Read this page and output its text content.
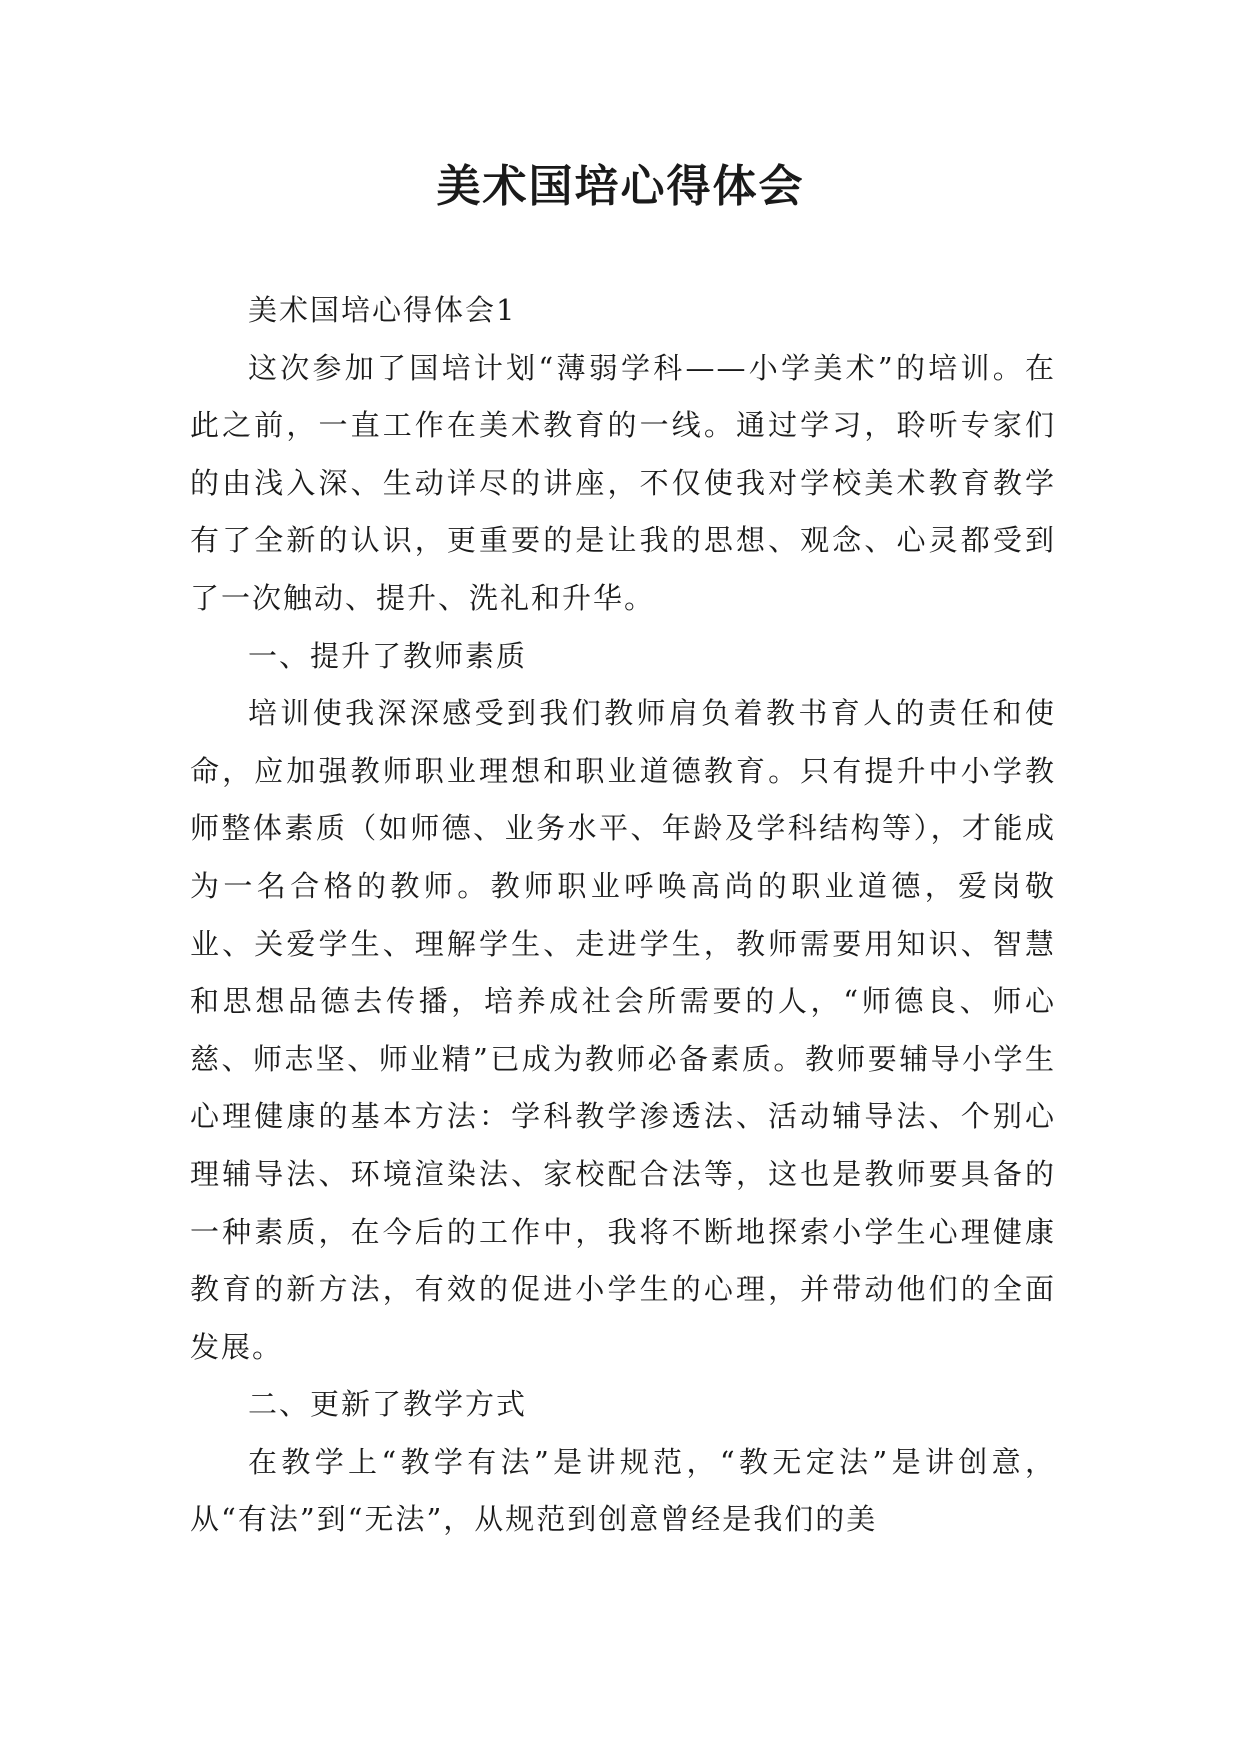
美术国培心得体会

美术国培心得体会1

这次参加了国培计划“薄弱学科——小学美术”的培训。在此之前，一直工作在美术教育的一线。通过学习，聆听专家们的由浅入深、生动详尽的讲座，不仅使我对学校美术教育教学有了全新的认识，更重要的是让我的思想、观念、心灵都受到了一次触动、提升、洗礼和升华。

一、提升了教师素质

培训使我深深感受到我们教师肩负着教书育人的责任和使命，应加强教师职业理想和职业道德教育。只有提升中小学教师整体素质（如师德、业务水平、年龄及学科结构等），才能成为一名合格的教师。教师职业呼唤高尚的职业道德，爱岗敬业、关爱学生、理解学生、走进学生，教师需要用知识、智慧和思想品德去传播，培养成社会所需要的人，“师德良、师心慈、师志坚、师业精”已成为教师必备素质。教师要辅导小学生心理健康的基本方法：学科教学渗透法、活动辅导法、个别心理辅导法、环境渲染法、家校配合法等，这也是教师要具备的一种素质，在今后的工作中，我将不断地探索小学生心理健康教育的新方法，有效的促进小学生的心理，并带动他们的全面发展。

二、更新了教学方式

在教学上“教学有法”是讲规范，“教无定法”是讲创意，从“有法”到“无法”，从规范到创意曾经是我们的美
